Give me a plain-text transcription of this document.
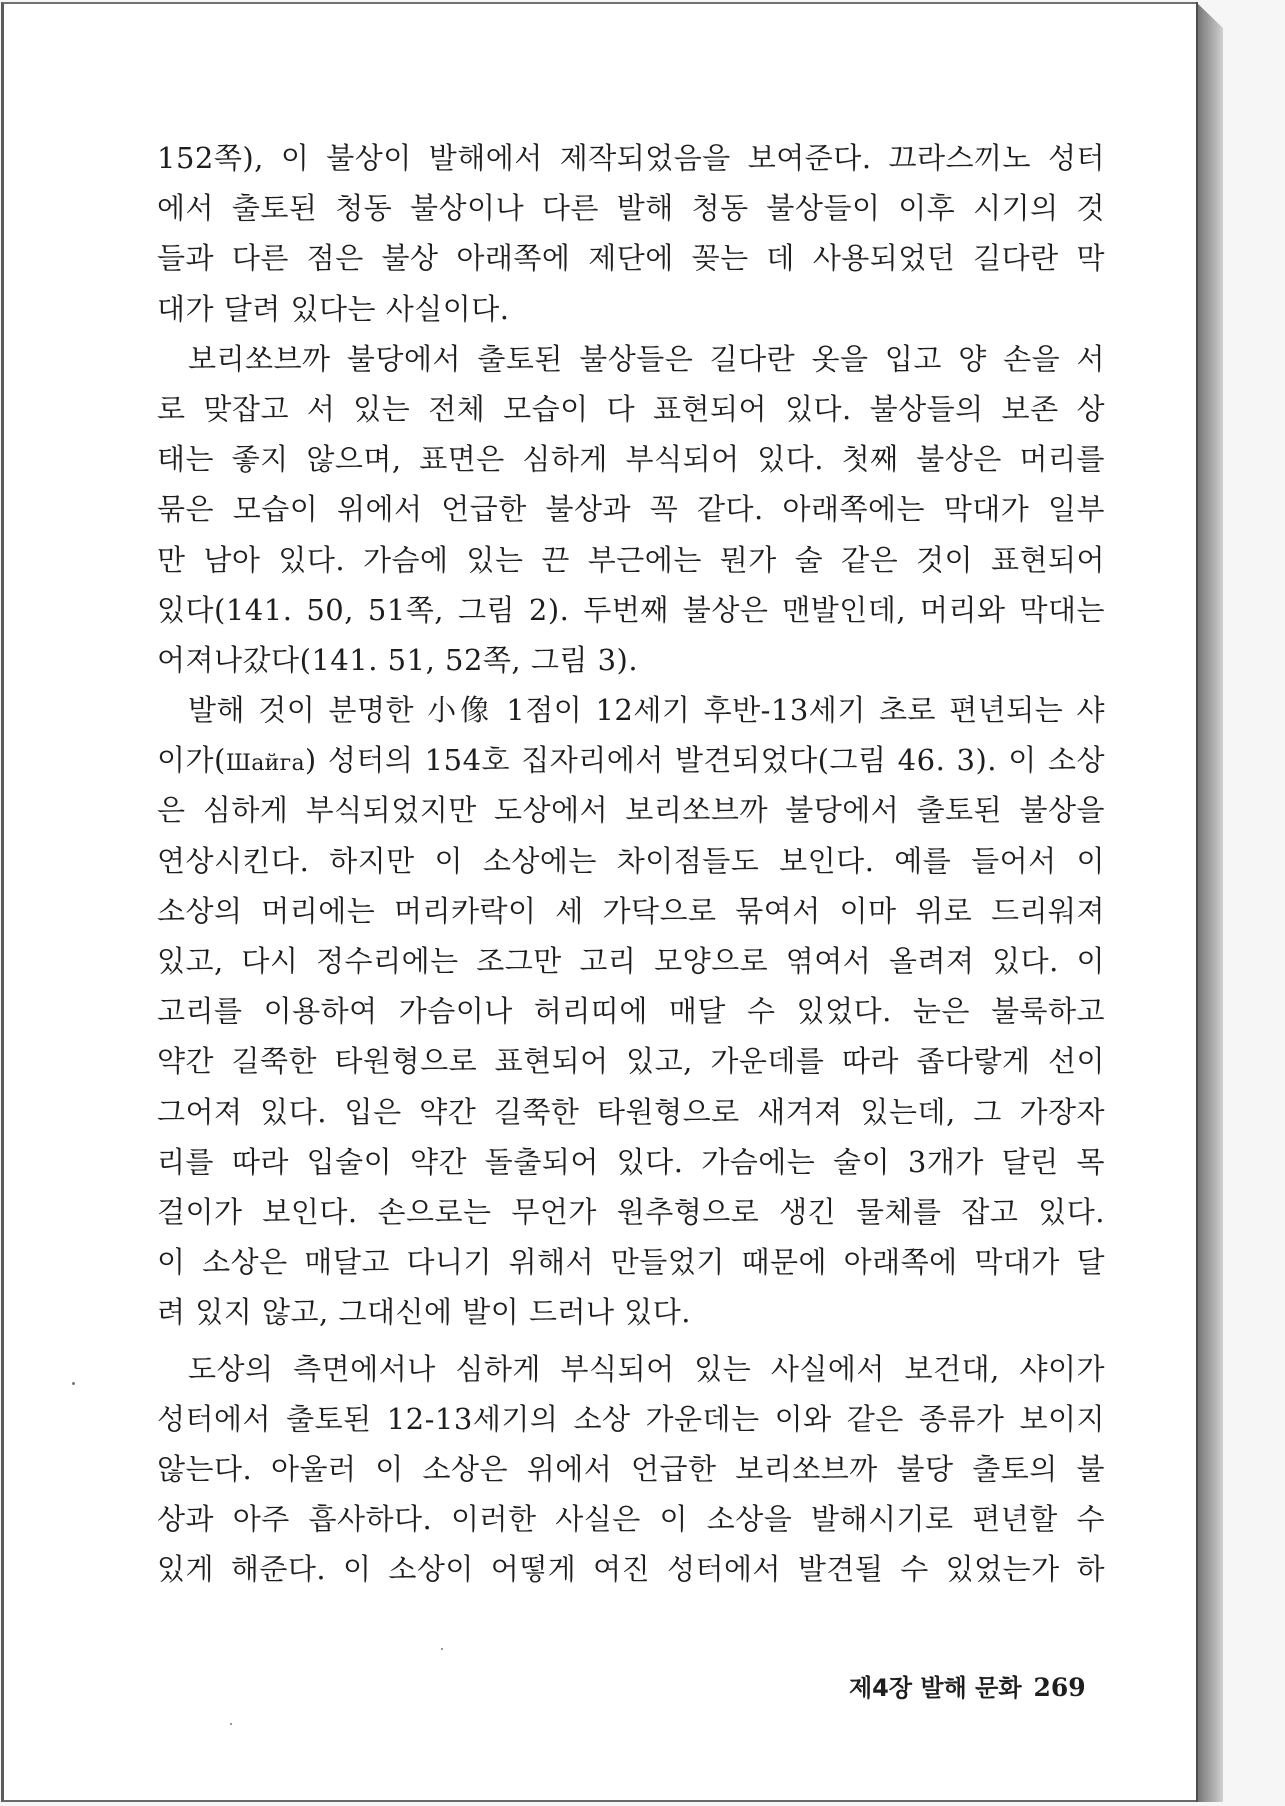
152쪽), 이 불상이 발해에서 제작되었음을 보여준다. 끄라스끼노 성터
에서 출토된 청동 불상이나 다른 발해 청동 불상들이 이후 시기의 것
들과 다른 점은 불상 아래쪽에 제단에 꽂는 데 사용되었던 길다란 막
대가 달려 있다는 사실이다.
보리쏘브까 불당에서 출토된 불상들은 길다란 옷을 입고 양 손을 서
로 맞잡고 서 있는 전체 모습이 다 표현되어 있다. 불상들의 보존 상
태는 좋지 않으며, 표면은 심하게 부식되어 있다. 첫째 불상은 머리를
묶은 모습이 위에서 언급한 불상과 꼭 같다. 아래쪽에는 막대가 일부
만 남아 있다. 가슴에 있는 끈 부근에는 뭔가 술 같은 것이 표현되어
있다(141. 50, 51쪽, 그림 2). 두번째 불상은 맨발인데, 머리와 막대는
어져나갔다(141. 51, 52쪽, 그림 3).
발해 것이 분명한 小像 1점이 12세기 후반-13세기 초로 편년되는 샤
이가(Шайга) 성터의 154호 집자리에서 발견되었다(그림 46. 3). 이 소상
은 심하게 부식되었지만 도상에서 보리쏘브까 불당에서 출토된 불상을
연상시킨다. 하지만 이 소상에는 차이점들도 보인다. 예를 들어서 이
소상의 머리에는 머리카락이 세 가닥으로 묶여서 이마 위로 드리워져
있고, 다시 정수리에는 조그만 고리 모양으로 엮여서 올려져 있다. 이
고리를 이용하여 가슴이나 허리띠에 매달 수 있었다. 눈은 불룩하고
약간 길쭉한 타원형으로 표현되어 있고, 가운데를 따라 좁다랗게 선이
그어져 있다. 입은 약간 길쭉한 타원형으로 새겨져 있는데, 그 가장자
리를 따라 입술이 약간 돌출되어 있다. 가슴에는 술이 3개가 달린 목
걸이가 보인다. 손으로는 무언가 원추형으로 생긴 물체를 잡고 있다.
이 소상은 매달고 다니기 위해서 만들었기 때문에 아래쪽에 막대가 달
려 있지 않고, 그대신에 발이 드러나 있다.
도상의 측면에서나 심하게 부식되어 있는 사실에서 보건대, 샤이가
성터에서 출토된 12-13세기의 소상 가운데는 이와 같은 종류가 보이지
않는다. 아울러 이 소상은 위에서 언급한 보리쏘브까 불당 출토의 불
상과 아주 흡사하다. 이러한 사실은 이 소상을 발해시기로 편년할 수
있게 해준다. 이 소상이 어떻게 여진 성터에서 발견될 수 있었는가 하
제4장 발해 문화 269
